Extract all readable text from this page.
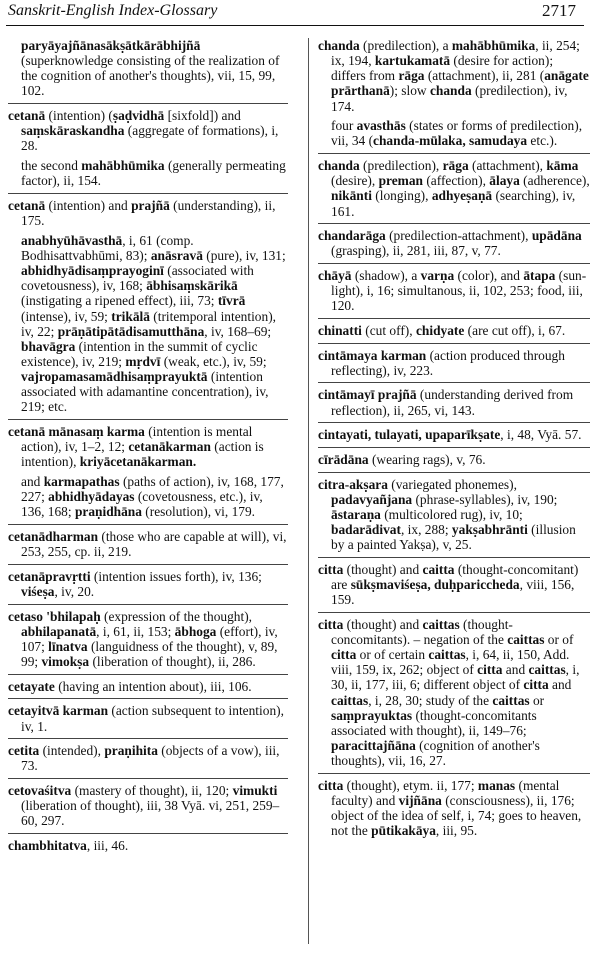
Sanskrit-English Index-Glossary	2717

paryāyajñānasākṣātkārābhijñā (superknowledge consisting of the realization of the cognition of another's thoughts), vii, 15, 99, 102.

cetanā (intention) (ṣaḍvidhā [sixfold]) and saṃskāraskandha (aggregate of formations), i, 28.

the second mahābhūmika (generally permeating factor), ii, 154.

cetanā (intention) and prajñā (understanding), ii, 175.

anabhyūhāvasthā, i, 61 (comp. Bodhisattvabhūmi, 83); anāsravā (pure), iv, 131; abhidhyādisaṃprayoginī (associated with covetousness), iv, 168; ābhisaṃskārikā (instigating a ripened effect), iii, 73; tīvrā (intense), iv, 59; trikālā (tritemporal intention), iv, 22; prāṇātipātādisamutthāna, iv, 168–69; bhavāgra (intention in the summit of cyclic existence), iv, 219; mṛdvī (weak, etc.), iv, 59; vajropamasamādhisaṃprayuktā (intention associated with adamantine concentration), iv, 219; etc.

cetanā mānasaṃ karma (intention is mental action), iv, 1–2, 12; cetanākarman (action is intention), kriyācetanākarman.

and karmapathas (paths of action), iv, 168, 177, 227; abhidhyādayas (covetousness, etc.), iv, 136, 168; praṇidhāna (resolution), vi, 179.

cetanādharman (those who are capable at will), vi, 253, 255, cp. ii, 219.

cetanāpravṛtti (intention issues forth), iv, 136; viśeṣa, iv, 20.

cetaso 'bhilapaḥ (expression of the thought), abhilapanatā, i, 61, ii, 153; ābhoga (effort), iv, 107; līnatva (languidness of the thought), v, 89, 99; vimokṣa (liberation of thought), ii, 286.

cetayate (having an intention about), iii, 106.

cetayitvā karman (action subsequent to intention), iv, 1.

cetita (intended), praṇihita (objects of a vow), iii, 73.

cetovaśitva (mastery of thought), ii, 120; vimukti (liberation of thought), iii, 38 Vyā. vi, 251, 259–60, 297.

chambhitatva, iii, 46.

chanda (predilection), a mahābhūmika, ii, 254; ix, 194, kartukamatā (desire for action); differs from rāga (attachment), ii, 281 (anāgate prārthanā); slow chanda (predilection), iv, 174.

four avasthās (states or forms of predilection), vii, 34 (chanda-mūlaka, samudaya etc.).

chanda (predilection), rāga (attachment), kāma (desire), preman (affection), ālaya (adherence), nikānti (longing), adhyeṣaṇā (searching), iv, 161.

chandarāga (predilection-attachment), upādāna (grasping), ii, 281, iii, 87, v, 77.

chāyā (shadow), a varṇa (color), and ātapa (sun-light), i, 16; simultanous, ii, 102, 253; food, iii, 120.

chinatti (cut off), chidyate (are cut off), i, 67.

cintāmaya karman (action produced through reflecting), iv, 223.

cintāmayī prajñā (understanding derived from reflection), ii, 265, vi, 143.

cintayati, tulayati, upaparīkṣate, i, 48, Vyā. 57.

cīrādāna (wearing rags), v, 76.

citra-akṣara (variegated phonemes), padavyañjana (phrase-syllables), iv, 190; āstaraṇa (multicolored rug), iv, 10; badarādivat, ix, 288; yakṣabhrānti (illusion by a painted Yakṣa), v, 25.

citta (thought) and caitta (thought-concomitant) are sūkṣmaviśeṣa, duḥparicchedа, viii, 156, 159.

citta (thought) and caittas (thought-concomitants). – negation of the caittas or of citta or of certain caittas, i, 64, ii, 150, Add. viii, 159, ix, 262; object of citta and caittas, i, 30, ii, 177, iii, 6; different object of citta and caittas, i, 28, 30; study of the caittas or saṃprayuktas (thought-concomitants associated with thought), ii, 149–76; paracittajñāna (cognition of another's thoughts), vii, 16, 27.

citta (thought), etym. ii, 177; manas (mental faculty) and vijñāna (consciousness), ii, 176; object of the idea of self, i, 74; goes to heaven, not the pūtikakāya, iii, 95.
